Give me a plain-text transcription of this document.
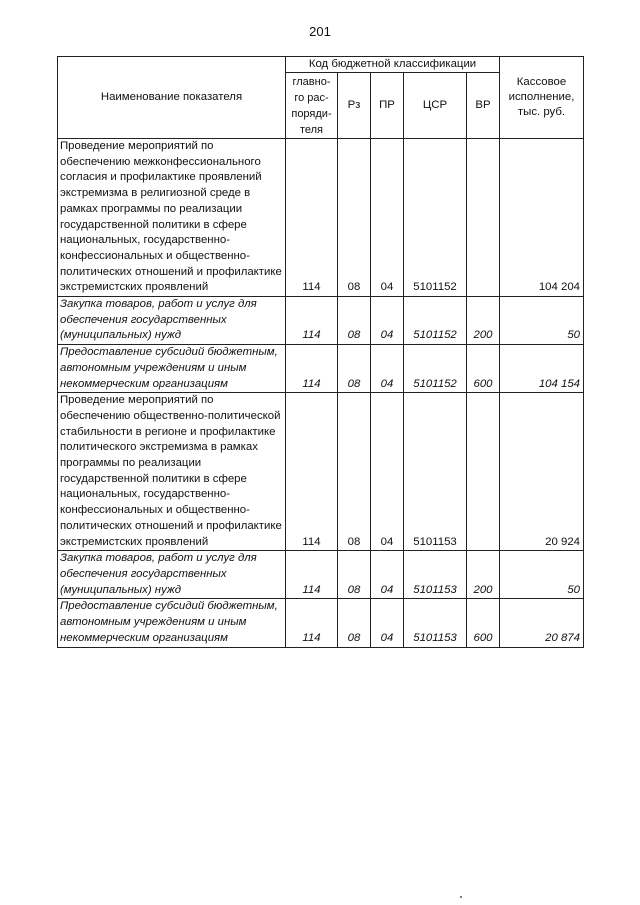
201
Наименование показателя	Код бюджетной классификации					Кассовое исполнение, тыс. руб.
	главно-го рас-поряди-теля	Рз	ПР	ЦСР	ВР	
Проведение мероприятий по обеспечению межконфессионального согласия и профилактике проявлений экстремизма в религиозной среде в рамках программы по реализации государственной политики в сфере национальных, государственно-конфессиональных и общественно-политических отношений и профилактике экстремистских проявлений	114	08	04	5101152		104 204
Закупка товаров, работ и услуг для обеспечения государственных (муниципальных) нужд	114	08	04	5101152	200	50
Предоставление субсидий бюджетным, автономным учреждениям и иным некоммерческим организациям	114	08	04	5101152	600	104 154
Проведение мероприятий по обеспечению общественно-политической стабильности в регионе и профилактике политического экстремизма в рамках программы по реализации государственной политики в сфере национальных, государственно-конфессиональных и общественно-политических отношений и профилактике экстремистских проявлений	114	08	04	5101153		20 924
Закупка товаров, работ и услуг для обеспечения государственных (муниципальных) нужд	114	08	04	5101153	200	50
Предоставление субсидий бюджетным, автономным учреждениям и иным некоммерческим организациям	114	08	04	5101153	600	20 874
